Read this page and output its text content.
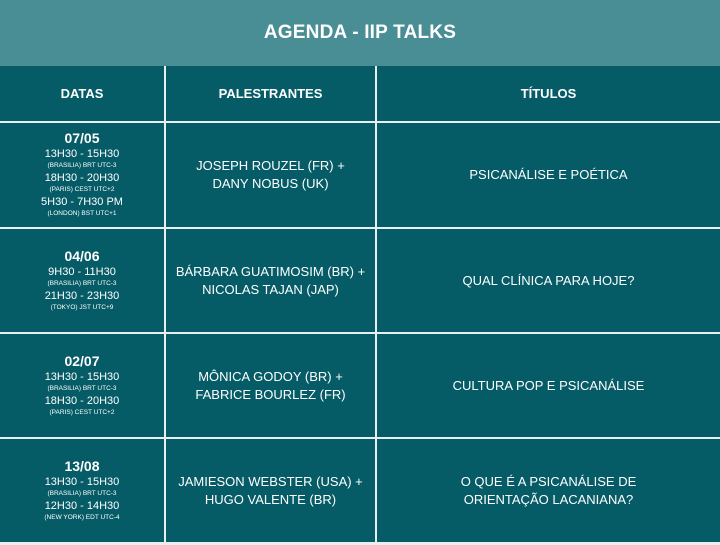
AGENDA - IIP TALKS
DATAS	PALESTRANTES	TÍTULOS
07/05
13H30 - 15H30
(BRASILIA) BRT UTC-3
18H30 - 20H30
(PARIS) CEST UTC+2
5H30 - 7H30 PM
(LONDON) BST UTC+1
JOSEPH ROUZEL (FR) +
DANY NOBUS (UK)
PSICANÁLISE E POÉTICA
04/06
9H30 - 11H30
(BRASILIA) BRT UTC-3
21H30 - 23H30
(TOKYO) JST UTC+9
BÁRBARA GUATIMOSIM (BR) +
NICOLAS TAJAN (JAP)
QUAL CLÍNICA PARA HOJE?
02/07
13H30 - 15H30
(BRASILIA) BRT UTC-3
18H30 - 20H30
(PARIS) CEST UTC+2
MÔNICA GODOY (BR) +
FABRICE BOURLEZ (FR)
CULTURA POP E PSICANÁLISE
13/08
13H30 - 15H30
(BRASILIA) BRT UTC-3
12H30 - 14H30
(NEW YORK) EDT UTC-4
JAMIESON WEBSTER (USA) +
HUGO VALENTE (BR)
O QUE É A PSICANÁLISE DE
ORIENTAÇÃO LACANIANA?
